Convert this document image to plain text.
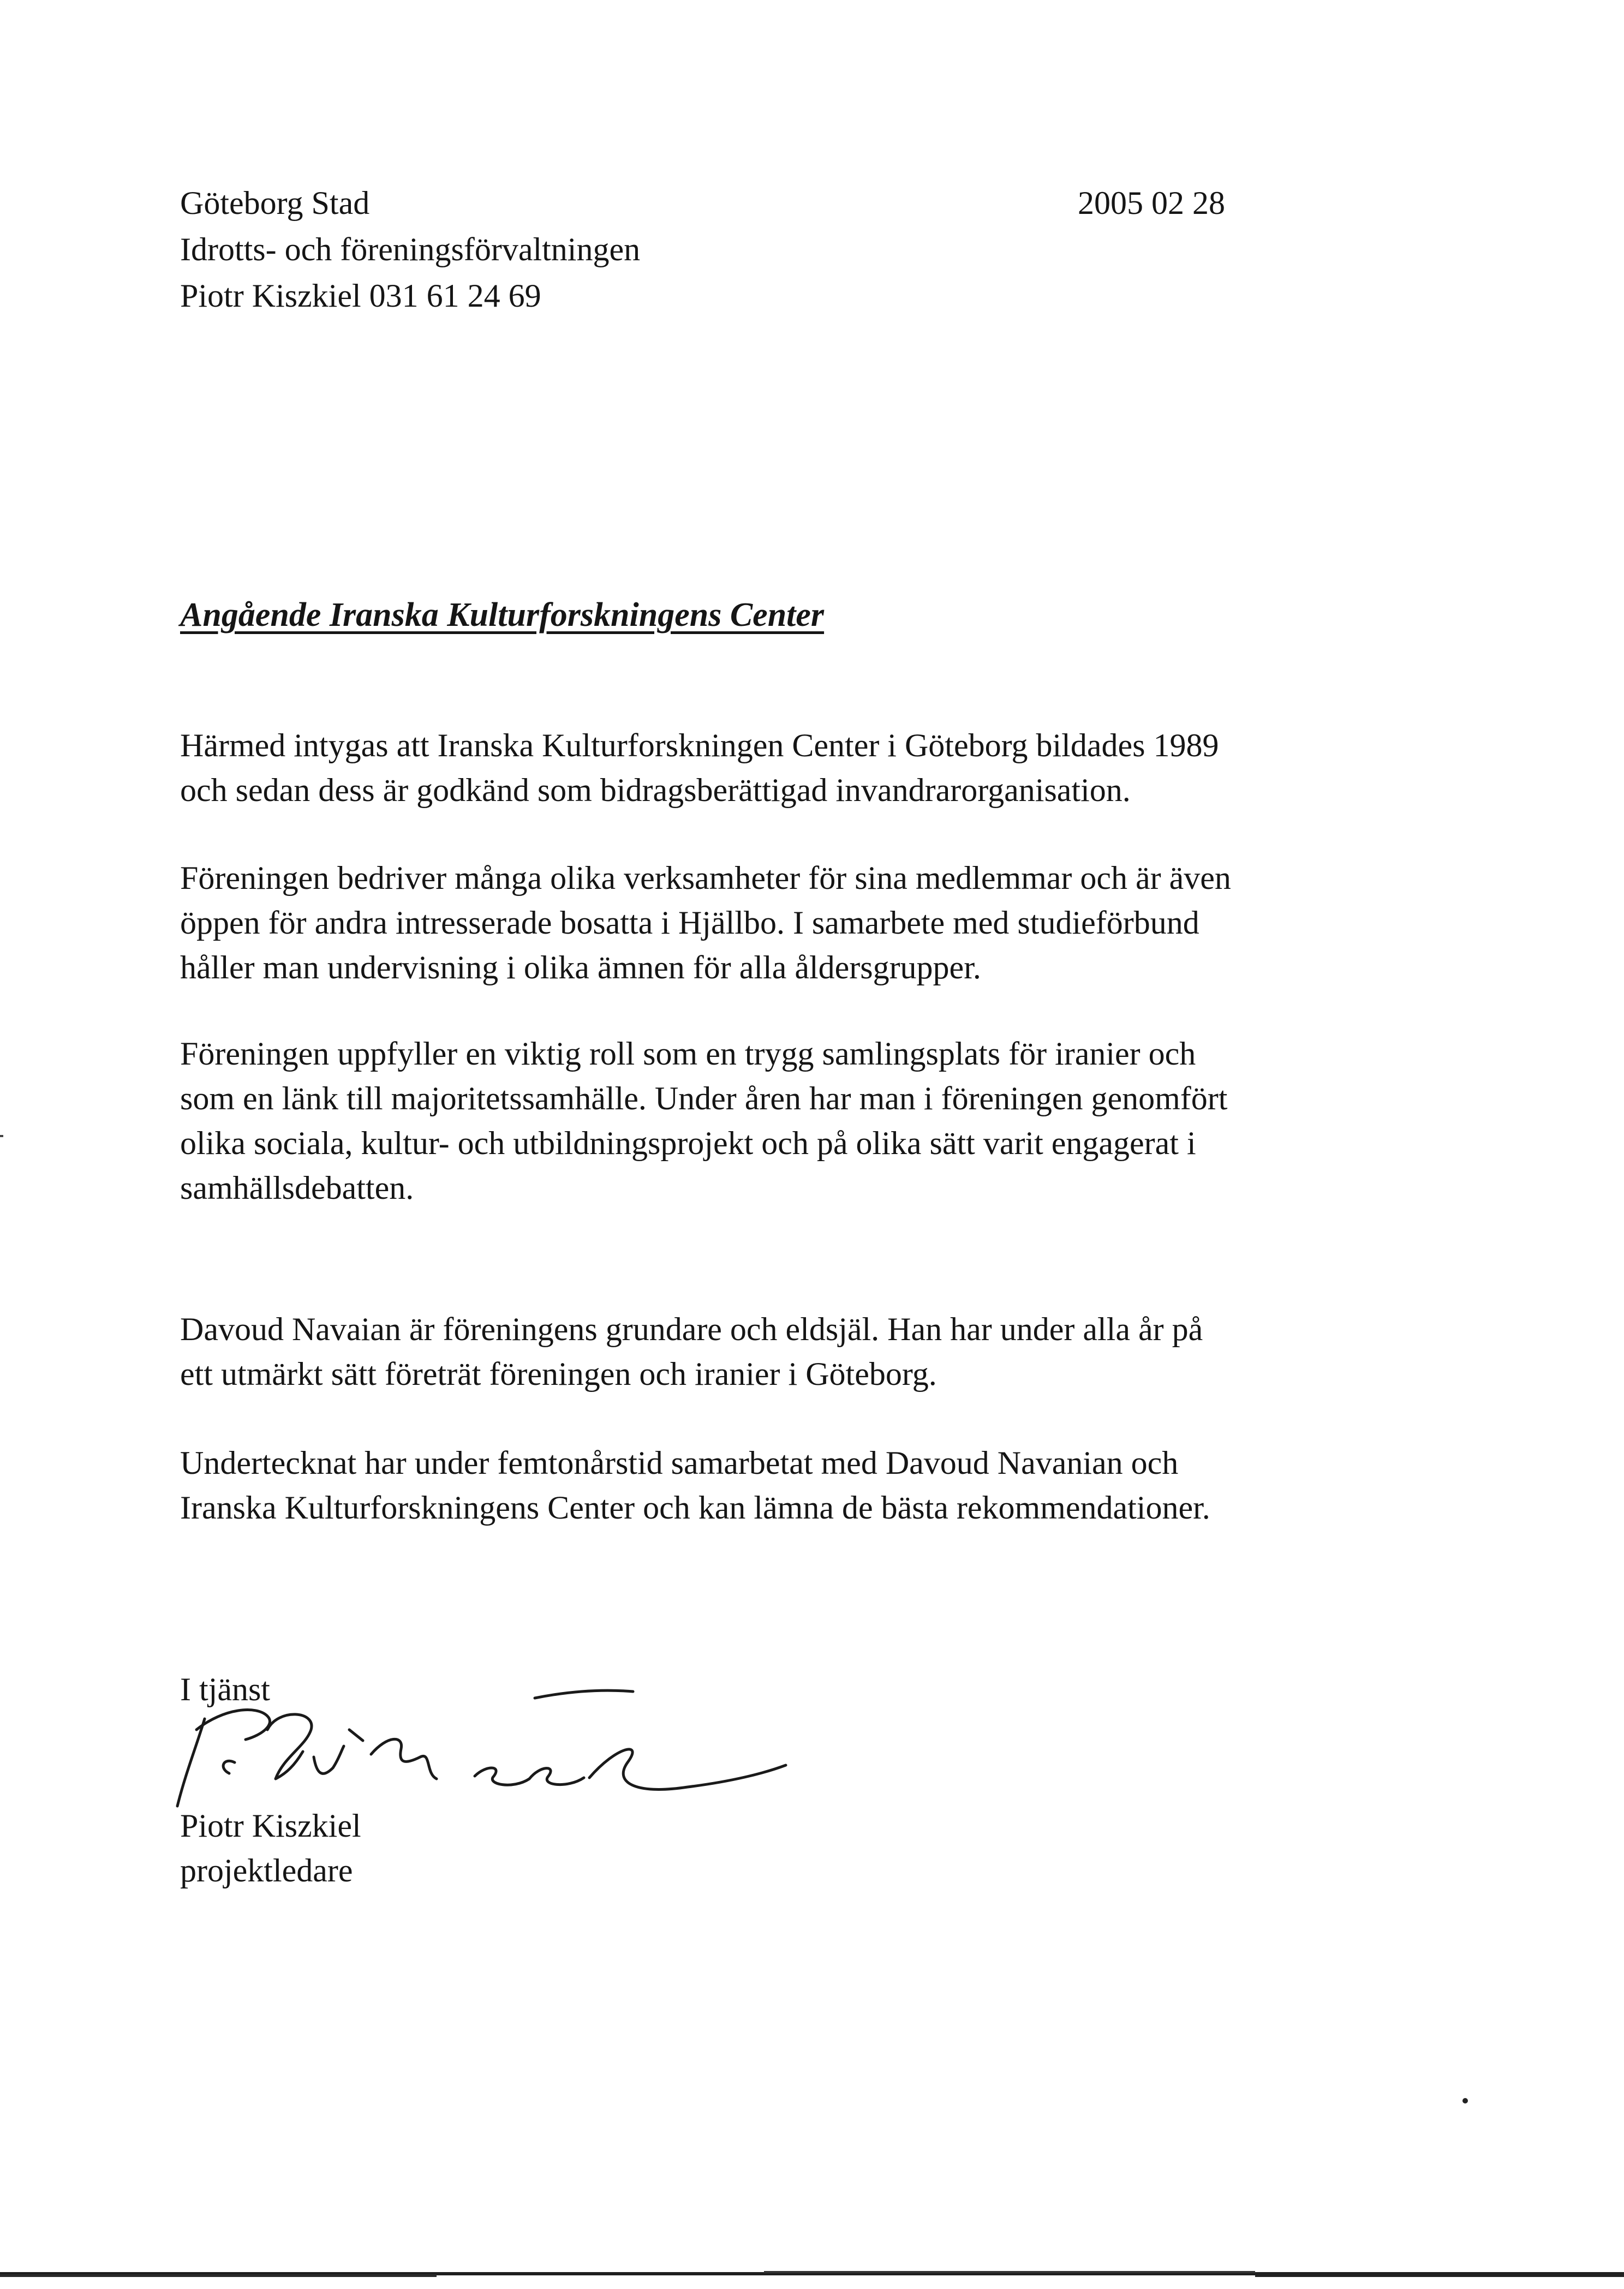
Göteborg Stad
Idrotts- och föreningsförvaltningen
Piotr Kiszkiel 031 61 24 69
2005 02 28
Angående Iranska Kulturforskningens Center
Härmed intygas att Iranska Kulturforskningen Center i Göteborg bildades 1989
och sedan dess är godkänd som bidragsberättigad invandrarorganisation.
Föreningen bedriver många olika verksamheter för sina medlemmar och är även
öppen för andra intresserade bosatta i Hjällbo. I samarbete med studieförbund
håller man undervisning i olika ämnen för alla åldersgrupper.
Föreningen uppfyller en viktig roll som en trygg samlingsplats för iranier och
som en länk till majoritetssamhälle. Under åren har man i föreningen genomfört
olika sociala, kultur- och utbildningsprojekt och på olika sätt varit engagerat i
samhällsdebatten.
Davoud Navaian är föreningens grundare och eldsjäl. Han har under alla år på
ett utmärkt sätt företrät föreningen och iranier i Göteborg.
Undertecknat har under femtonårstid samarbetat med Davoud Navanian och
Iranska Kulturforskningens Center och kan lämna de bästa rekommendationer.
I tjänst
Piotr Kiszkiel
projektledare
